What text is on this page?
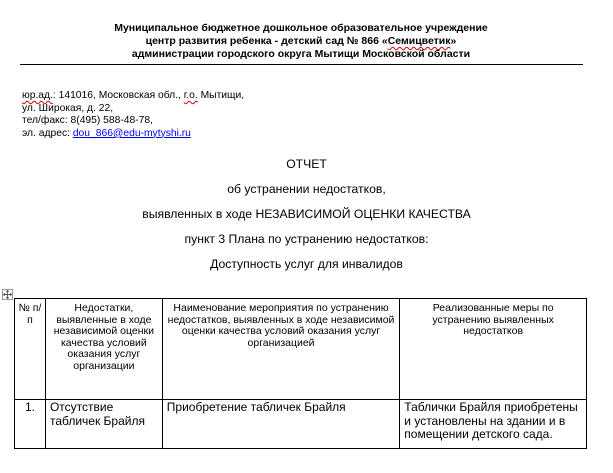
Муниципальное бюджетное дошкольное образовательное учреждение
центр развития ребенка - детский сад № 866 «Семицветик»
администрации городского округа Мытищи Московской области
юр.ад.: 141016, Московская обл., г.о. Мытищи,
ул. Широкая, д. 22,
тел/факс: 8(495) 588-48-78,
эл. адрес: dou_866@edu-mytyshi.ru
ОТЧЕТ
об устранении недостатков,
выявленных в ходе НЕЗАВИСИМОЙ ОЦЕНКИ КАЧЕСТВА
пункт 3 Плана по устранению недостатков:
Доступность услуг для инвалидов
№ п/п	Недостатки, выявленные в ходе независимой оценки качества условий оказания услуг организации	Наименование мероприятия по устранению недостатков, выявленных в ходе независимой оценки качества условий оказания услуг организацией	Реализованные меры по устранению выявленных недостатков
1.	Отсутствие табличек Брайля	Приобретение табличек Брайля	Таблички Брайля приобретены и установлены на здании и в помещении детского сада.
